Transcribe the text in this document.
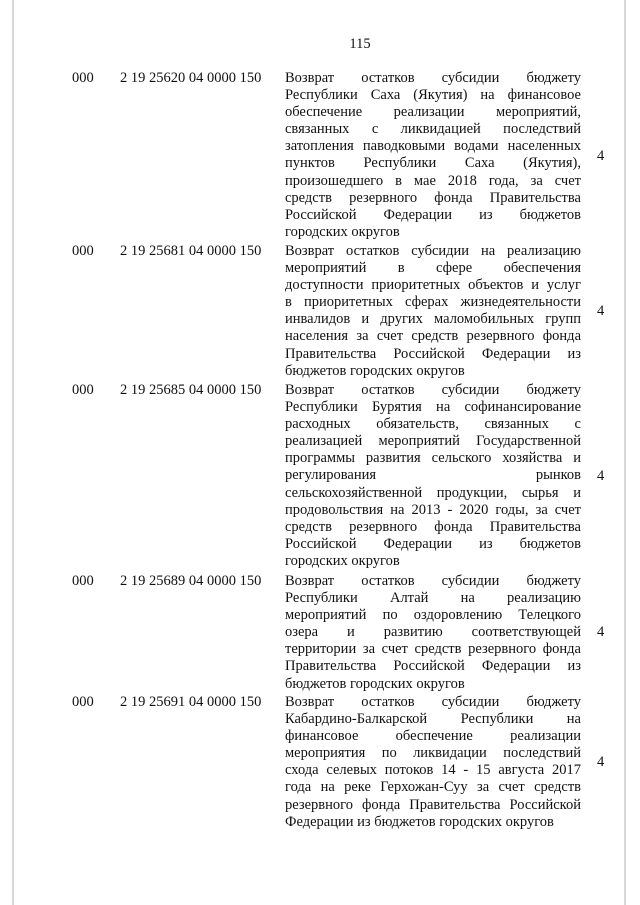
115
000 2 19 25620 04 0000 150 Возврат остатков субсидии бюджету
Республики Саха (Якутия) на финансовое
обеспечение реализации мероприятий,
связанных с ликвидацией последствий
затопления паводковыми водами населенных
пунктов Республики Саха (Якутия),
произошедшего в мае 2018 года, за счет
средств резервного фонда Правительства
Российской Федерации из бюджетов
городских округов
4
000 2 19 25681 04 0000 150 Возврат остатков субсидии на реализацию
мероприятий в сфере обеспечения
доступности приоритетных объектов и услуг
в приоритетных сферах жизнедеятельности
инвалидов и других маломобильных групп
населения за счет средств резервного фонда
Правительства Российской Федерации из
бюджетов городских округов
4
000 2 19 25685 04 0000 150 Возврат остатков субсидии бюджету
Республики Бурятия на софинансирование
расходных обязательств, связанных с
реализацией мероприятий Государственной
программы развития сельского хозяйства и
регулирования рынков
сельскохозяйственной продукции, сырья и
продовольствия на 2013 - 2020 годы, за счет
средств резервного фонда Правительства
Российской Федерации из бюджетов
городских округов
4
000 2 19 25689 04 0000 150 Возврат остатков субсидии бюджету
Республики Алтай на реализацию
мероприятий по оздоровлению Телецкого
озера и развитию соответствующей
территории за счет средств резервного фонда
Правительства Российской Федерации из
бюджетов городских округов
4
000 2 19 25691 04 0000 150 Возврат остатков субсидии бюджету
Кабардино-Балкарской Республики на
финансовое обеспечение реализации
мероприятия по ликвидации последствий
схода селевых потоков 14 - 15 августа 2017
года на реке Герхожан-Суу за счет средств
резервного фонда Правительства Российской
Федерации из бюджетов городских округов
4
